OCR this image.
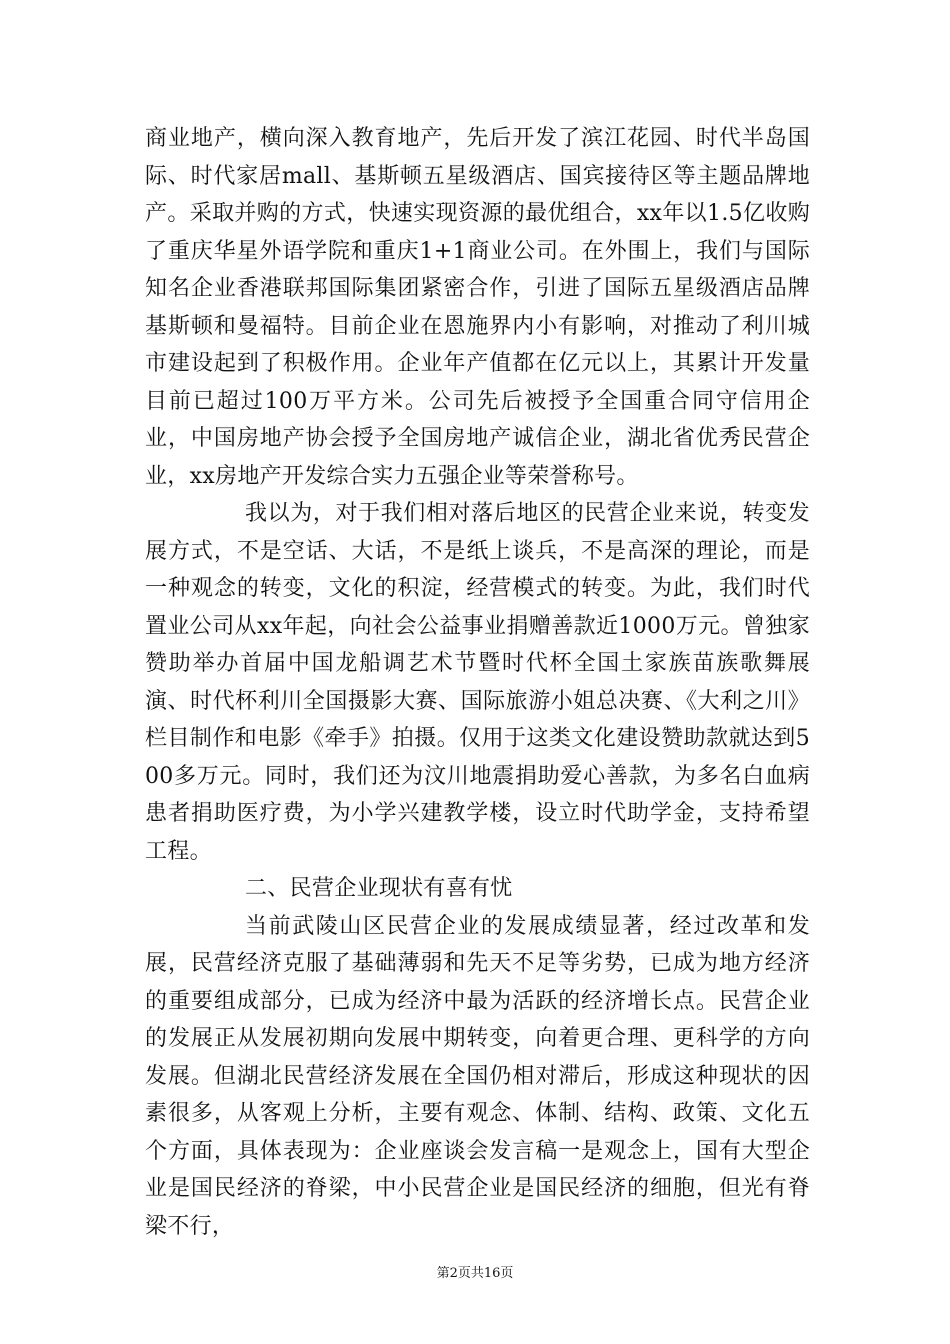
商业地产，横向深入教育地产，先后开发了滨江花园、时代半岛国际、时代家居mall、基斯顿五星级酒店、国宾接待区等主题品牌地产。采取并购的方式，快速实现资源的最优组合，xx年以1.5亿收购了重庆华星外语学院和重庆1+1商业公司。在外围上，我们与国际知名企业香港联邦国际集团紧密合作，引进了国际五星级酒店品牌基斯顿和曼福特。目前企业在恩施界内小有影响，对推动了利川城市建设起到了积极作用。企业年产值都在亿元以上，其累计开发量目前已超过100万平方米。公司先后被授予全国重合同守信用企业，中国房地产协会授予全国房地产诚信企业，湖北省优秀民营企业，xx房地产开发综合实力五强企业等荣誉称号。

我以为，对于我们相对落后地区的民营企业来说，转变发展方式，不是空话、大话，不是纸上谈兵，不是高深的理论，而是一种观念的转变，文化的积淀，经营模式的转变。为此，我们时代置业公司从xx年起，向社会公益事业捐赠善款近1000万元。曾独家赞助举办首届中国龙船调艺术节暨时代杯全国土家族苗族歌舞展演、时代杯利川全国摄影大赛、国际旅游小姐总决赛、《大利之川》栏目制作和电影《牵手》拍摄。仅用于这类文化建设赞助款就达到500多万元。同时，我们还为汶川地震捐助爱心善款，为多名白血病患者捐助医疗费，为小学兴建教学楼，设立时代助学金，支持希望工程。

二、民营企业现状有喜有忧

当前武陵山区民营企业的发展成绩显著，经过改革和发展，民营经济克服了基础薄弱和先天不足等劣势，已成为地方经济的重要组成部分，已成为经济中最为活跃的经济增长点。民营企业的发展正从发展初期向发展中期转变，向着更合理、更科学的方向发展。但湖北民营经济发展在全国仍相对滞后，形成这种现状的因素很多，从客观上分析，主要有观念、体制、结构、政策、文化五个方面，具体表现为：企业座谈会发言稿一是观念上，国有大型企业是国民经济的脊梁，中小民营企业是国民经济的细胞，但光有脊梁不行，

第2页共16页
